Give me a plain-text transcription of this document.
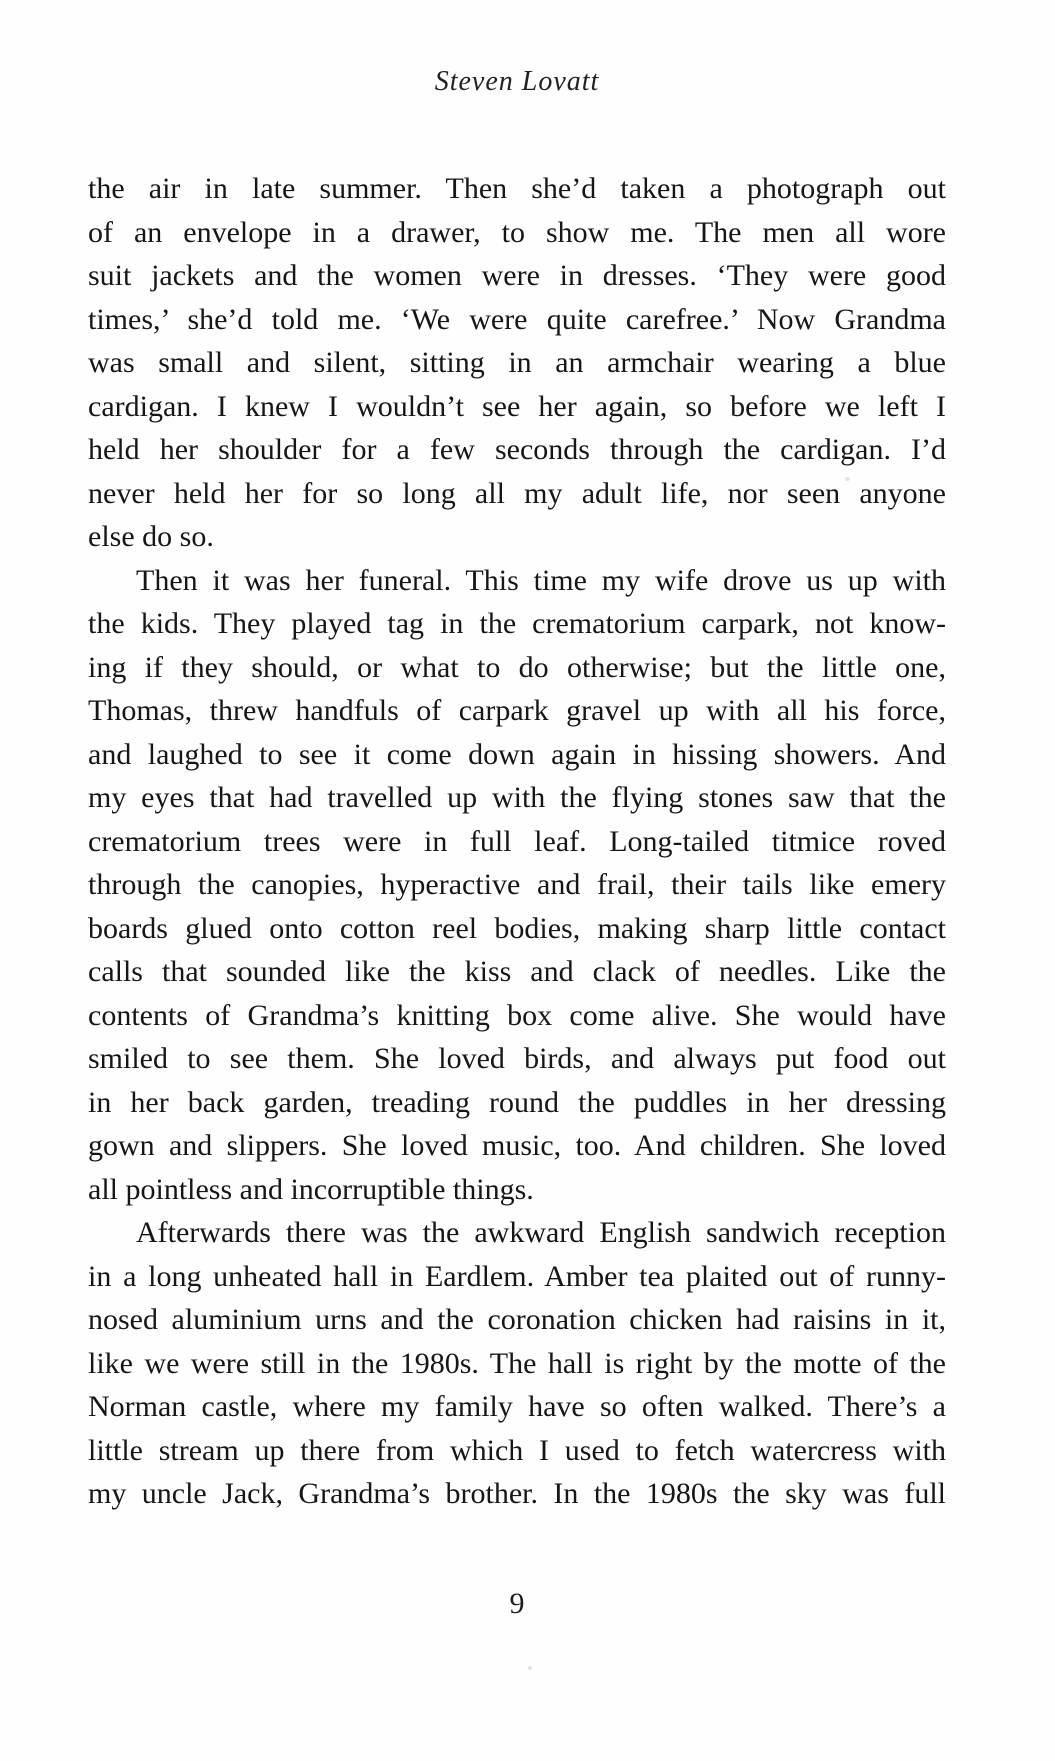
Steven Lovatt
the air in late summer. Then she’d taken a photograph out
of an envelope in a drawer, to show me. The men all wore
suit jackets and the women were in dresses. ‘They were good
times,’ she’d told me. ‘We were quite carefree.’ Now Grandma
was small and silent, sitting in an armchair wearing a blue
cardigan. I knew I wouldn’t see her again, so before we left I
held her shoulder for a few seconds through the cardigan. I’d
never held her for so long all my adult life, nor seen anyone
else do so.
Then it was her funeral. This time my wife drove us up with
the kids. They played tag in the crematorium carpark, not know-
ing if they should, or what to do otherwise; but the little one,
Thomas, threw handfuls of carpark gravel up with all his force,
and laughed to see it come down again in hissing showers. And
my eyes that had travelled up with the flying stones saw that the
crematorium trees were in full leaf. Long-tailed titmice roved
through the canopies, hyperactive and frail, their tails like emery
boards glued onto cotton reel bodies, making sharp little contact
calls that sounded like the kiss and clack of needles. Like the
contents of Grandma’s knitting box come alive. She would have
smiled to see them. She loved birds, and always put food out
in her back garden, treading round the puddles in her dressing
gown and slippers. She loved music, too. And children. She loved
all pointless and incorruptible things.
Afterwards there was the awkward English sandwich reception
in a long unheated hall in Eardlem. Amber tea plaited out of runny-
nosed aluminium urns and the coronation chicken had raisins in it,
like we were still in the 1980s. The hall is right by the motte of the
Norman castle, where my family have so often walked. There’s a
little stream up there from which I used to fetch watercress with
my uncle Jack, Grandma’s brother. In the 1980s the sky was full
9
